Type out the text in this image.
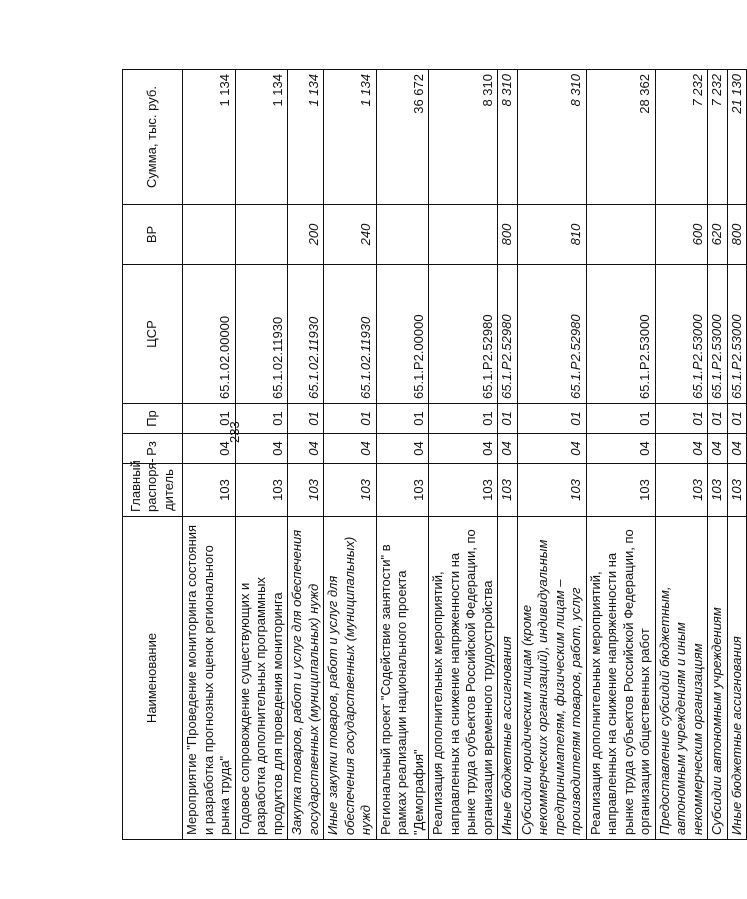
233
Наименование	Главный распоря-дитель	Рз	Пр	ЦСР	ВР	Сумма, тыс. руб.
Мероприятие "Проведение мониторинга состояния и разработка прогнозных оценок регионального рынка труда"	103	04	01	65.1.02.00000		1 134
Годовое сопровождение существующих и разработка дополнительных программных продуктов для проведения мониторинга	103	04	01	65.1.02.11930		1 134
Закупка товаров, работ и услуг для обеспечения государственных (муниципальных) нужд	103	04	01	65.1.02.11930	200	1 134
Иные закупки товаров, работ и услуг для обеспечения государственных (муниципальных) нужд	103	04	01	65.1.02.11930	240	1 134
Региональный проект "Содействие занятости" в рамках реализации национального проекта "Демография"	103	04	01	65.1.Р2.00000		36 672
Реализация дополнительных мероприятий, направленных на снижение напряженности на рынке труда субъектов Российской Федерации, по организации временного трудоустройства	103	04	01	65.1.Р2.52980		8 310
Иные бюджетные ассигнования	103	04	01	65.1.Р2.52980	800	8 310
Субсидии юридическим лицам (кроме некоммерческих организаций), индивидуальным предпринимателям, физическим лицам – производителям товаров, работ, услуг	103	04	01	65.1.Р2.52980	810	8 310
Реализация дополнительных мероприятий, направленных на снижение напряженности на рынке труда субъектов Российской Федерации, по организации общественных работ	103	04	01	65.1.Р2.53000		28 362
Предоставление субсидий бюджетным, автономным учреждениям и иным некоммерческим организациям	103	04	01	65.1.Р2.53000	600	7 232
Субсидии автономным учреждениям	103	04	01	65.1.Р2.53000	620	7 232
Иные бюджетные ассигнования	103	04	01	65.1.Р2.53000	800	21 130
